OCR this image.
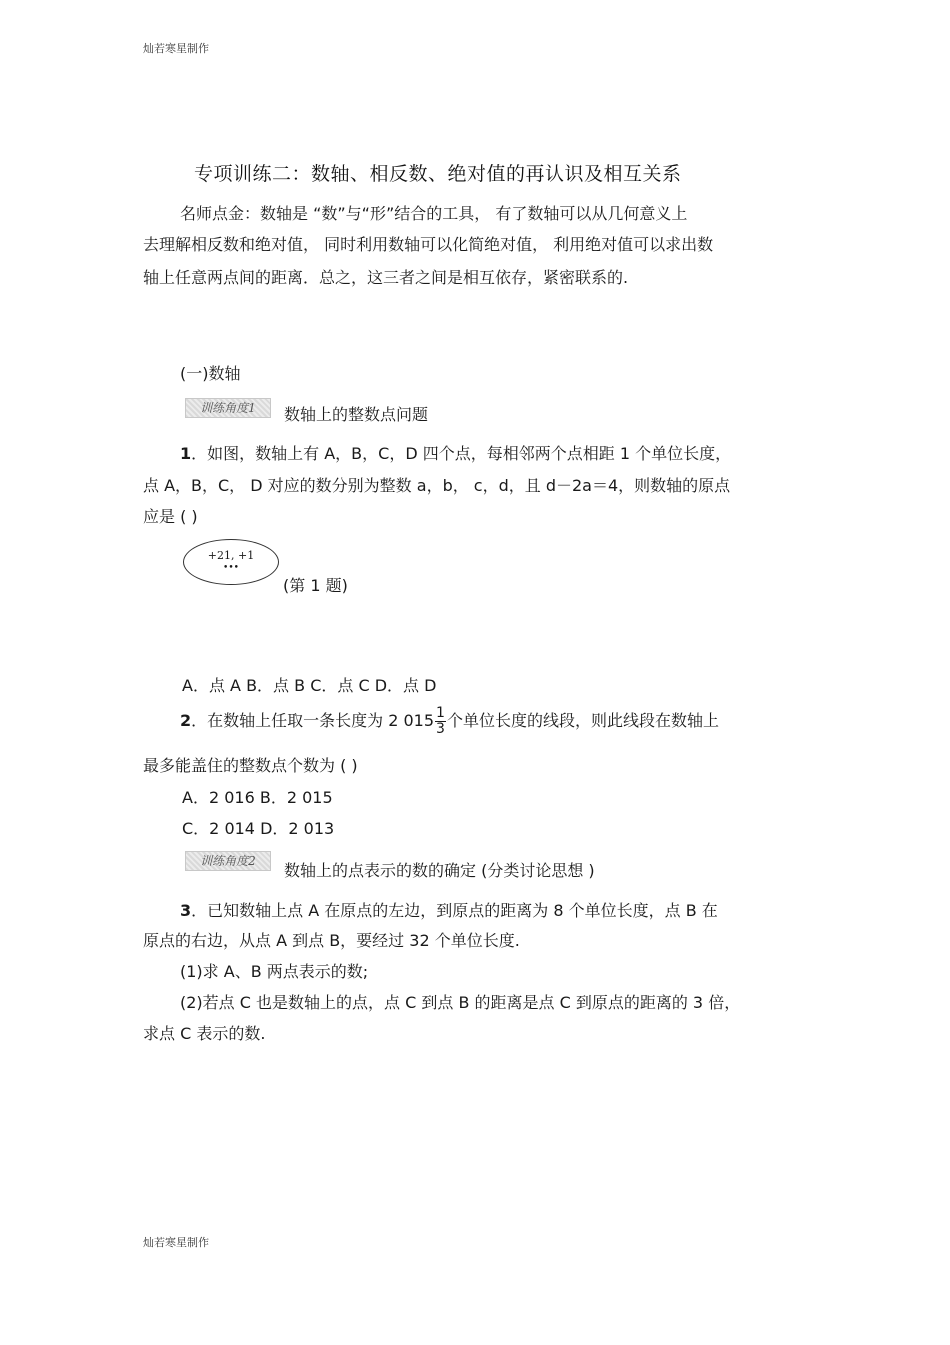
灿若寒星制作
专项训练二：数轴、相反数、绝对值的再认识及相互关系
名师点金：数轴是 “数”与“形”结合的工具， 有了数轴可以从几何意义上
去理解相反数和绝对值， 同时利用数轴可以化简绝对值， 利用绝对值可以求出数
轴上任意两点间的距离．总之，这三者之间是相互依存，紧密联系的.
(一)数轴
训练角度1	数轴上的整数点问题
1．如图，数轴上有 A，B，C，D 四个点，每相邻两个点相距 1 个单位长度，
点 A，B，C， D 对应的数分别为整数 a，b， c，d，且 d－2a＝4，则数轴的原点
应是 ( )
+21, +1
•••
(第 1 题)
A．点 A B．点 B C．点 C D．点 D
2．在数轴上任取一条长度为 2 $015 \frac{1}{3}$ 个单位长度的线段，则此线段在数轴上
最多能盖住的整数点个数为 ( )
A．2 016 B．2 015
C．2 014 D．2 013
训练角度2	数轴上的点表示的数的确定 (分类讨论思想 )
3．已知数轴上点 A 在原点的左边，到原点的距离为 8 个单位长度，点 B 在
原点的右边，从点 A 到点 B，要经过 32 个单位长度.
(1)求 A、B 两点表示的数;
(2)若点 C 也是数轴上的点，点 C 到点 B 的距离是点 C 到原点的距离的 3 倍，
求点 C 表示的数.
灿若寒星制作
